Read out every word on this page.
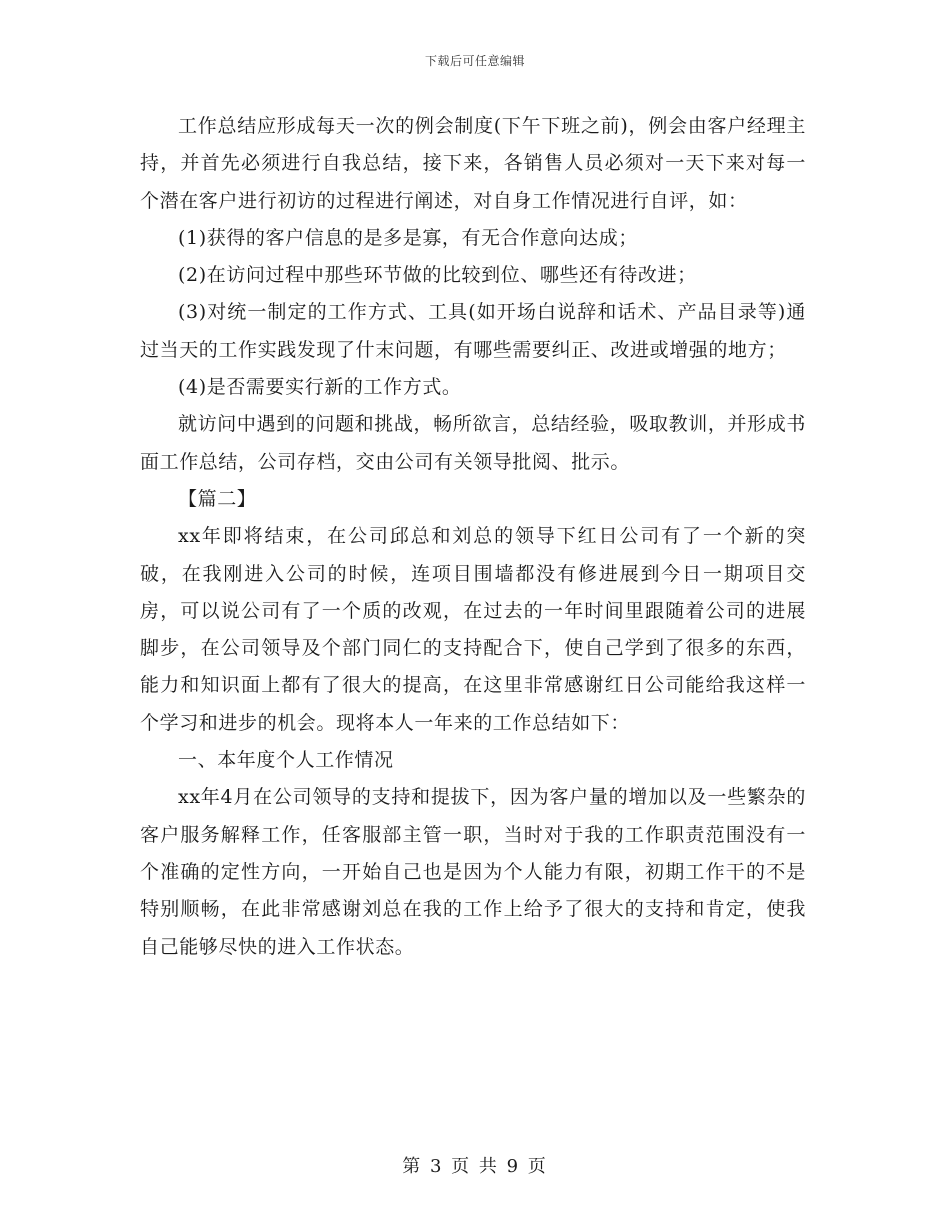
下载后可任意编辑

工作总结应形成每天一次的例会制度(下午下班之前)，例会由客户经理主持，并首先必须进行自我总结，接下来，各销售人员必须对一天下来对每一个潜在客户进行初访的过程进行阐述，对自身工作情况进行自评，如：

(1)获得的客户信息的是多是寡，有无合作意向达成；

(2)在访问过程中那些环节做的比较到位、哪些还有待改进；

(3)对统一制定的工作方式、工具(如开场白说辞和话术、产品目录等)通过当天的工作实践发现了什末问题，有哪些需要纠正、改进或增强的地方；

(4)是否需要实行新的工作方式。

就访问中遇到的问题和挑战，畅所欲言，总结经验，吸取教训，并形成书面工作总结，公司存档，交由公司有关领导批阅、批示。

【篇二】

xx年即将结束，在公司邱总和刘总的领导下红日公司有了一个新的突破，在我刚进入公司的时候，连项目围墙都没有修进展到今日一期项目交房，可以说公司有了一个质的改观，在过去的一年时间里跟随着公司的进展脚步，在公司领导及个部门同仁的支持配合下，使自己学到了很多的东西，能力和知识面上都有了很大的提高，在这里非常感谢红日公司能给我这样一个学习和进步的机会。现将本人一年来的工作总结如下：

一、本年度个人工作情况

xx年4月在公司领导的支持和提拔下，因为客户量的增加以及一些繁杂的客户服务解释工作，任客服部主管一职，当时对于我的工作职责范围没有一个准确的定性方向，一开始自己也是因为个人能力有限，初期工作干的不是特别顺畅，在此非常感谢刘总在我的工作上给予了很大的支持和肯定，使我自己能够尽快的进入工作状态。

第 3 页 共 9 页
